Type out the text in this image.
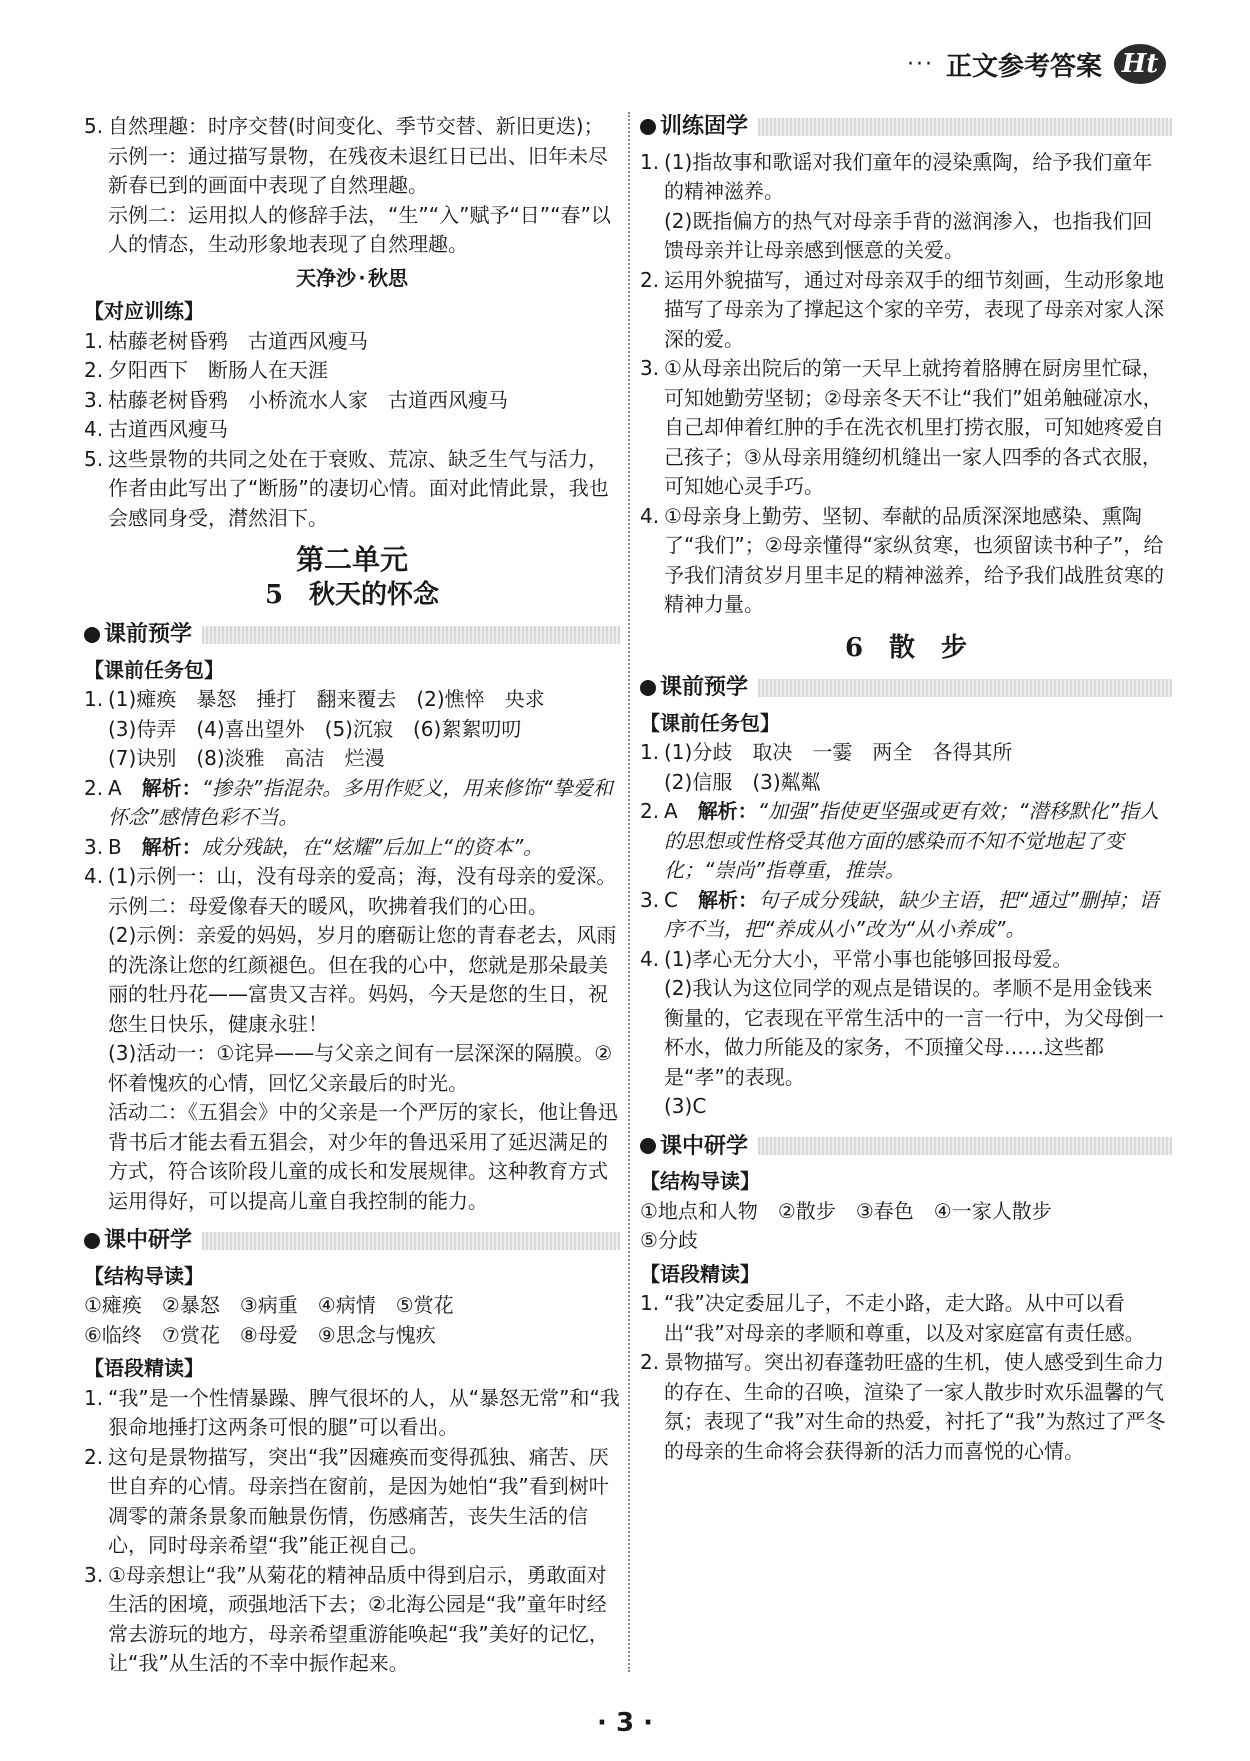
··· 正文参考答案 Ht
5. 自然理趣：时序交替(时间变化、季节交替、新旧更迭)；
示例一：通过描写景物，在残夜未退红日已出、旧年未尽新春已到的画面中表现了自然理趣。
示例二：运用拟人的修辞手法，“生”“入”赋予“日”“春”以人的情态，生动形象地表现了自然理趣。
天净沙·秋思
【对应训练】
1. 枯藤老树昏鸦　古道西风瘦马
2. 夕阳西下　断肠人在天涯
3. 枯藤老树昏鸦　小桥流水人家　古道西风瘦马
4. 古道西风瘦马
5. 这些景物的共同之处在于衰败、荒凉、缺乏生气与活力，作者由此写出了“断肠”的凄切心情。面对此情此景，我也会感同身受，潸然泪下。
第二单元
5　秋天的怀念
课前预学
【课前任务包】
1. (1)瘫痪　暴怒　捶打　翻来覆去　(2)憔悴　央求
(3)侍弄　(4)喜出望外　(5)沉寂　(6)絮絮叨叨
(7)诀别　(8)淡雅　高洁　烂漫
2. A　 解析：“掺杂”指混杂。多用作贬义，用来修饰“挚爱和怀念”感情色彩不当。
3. B　 解析：成分残缺，在“炫耀”后加上“的资本”。
4. (1)示例一：山，没有母亲的爱高；海，没有母亲的爱深。
示例二：母爱像春天的暖风，吹拂着我们的心田。
(2)示例：亲爱的妈妈，岁月的磨砺让您的青春老去，风雨的洗涤让您的红颜褪色。但在我的心中，您就是那朵最美丽的牡丹花——富贵又吉祥。妈妈，今天是您的生日，祝您生日快乐，健康永驻！
(3)活动一：①诧异——与父亲之间有一层深深的隔膜。②怀着愧疚的心情，回忆父亲最后的时光。
活动二：《五猖会》中的父亲是一个严厉的家长，他让鲁迅背书后才能去看五猖会，对少年的鲁迅采用了延迟满足的方式，符合该阶段儿童的成长和发展规律。这种教育方式运用得好，可以提高儿童自我控制的能力。
课中研学
【结构导读】
①瘫痪　②暴怒　③病重　④病情　⑤赏花
⑥临终　⑦赏花　⑧母爱　⑨思念与愧疚
【语段精读】
1. “我”是一个性情暴躁、脾气很坏的人，从“暴怒无常”和“我狠命地捶打这两条可恨的腿”可以看出。
2. 这句是景物描写，突出“我”因瘫痪而变得孤独、痛苦、厌世自弃的心情。母亲挡在窗前，是因为她怕“我”看到树叶凋零的萧条景象而触景伤情，伤感痛苦，丧失生活的信心，同时母亲希望“我”能正视自己。
3. ①母亲想让“我”从菊花的精神品质中得到启示，勇敢面对生活的困境，顽强地活下去；②北海公园是“我”童年时经常去游玩的地方，母亲希望重游能唤起“我”美好的记忆，让“我”从生活的不幸中振作起来。
训练固学
1. (1)指故事和歌谣对我们童年的浸染熏陶，给予我们童年的精神滋养。
(2)既指偏方的热气对母亲手背的滋润渗入，也指我们回馈母亲并让母亲感到惬意的关爱。
2. 运用外貌描写，通过对母亲双手的细节刻画，生动形象地描写了母亲为了撑起这个家的辛劳，表现了母亲对家人深深的爱。
3. ①从母亲出院后的第一天早上就挎着胳膊在厨房里忙碌，可知她勤劳坚韧；②母亲冬天不让“我们”姐弟触碰凉水，自己却伸着红肿的手在洗衣机里打捞衣服，可知她疼爱自己孩子；③从母亲用缝纫机缝出一家人四季的各式衣服，可知她心灵手巧。
4. ①母亲身上勤劳、坚韧、奉献的品质深深地感染、熏陶了“我们”；②母亲懂得“家纵贫寒，也须留读书种子”，给予我们清贫岁月里丰足的精神滋养，给予我们战胜贫寒的精神力量。
6　散　步
课前预学
【课前任务包】
1. (1)分歧　取决　一霎　两全　各得其所
(2)信服　(3)粼粼
2. A　 解析：“加强”指使更坚强或更有效；“潜移默化”指人的思想或性格受其他方面的感染而不知不觉地起了变化；“崇尚”指尊重，推崇。
3. C　 解析：句子成分残缺，缺少主语，把“通过”删掉；语序不当，把“养成从小”改为“从小养成”。
4. (1)孝心无分大小，平常小事也能够回报母爱。
(2)我认为这位同学的观点是错误的。孝顺不是用金钱来衡量的，它表现在平常生活中的一言一行中，为父母倒一杯水，做力所能及的家务，不顶撞父母……这些都是“孝”的表现。
(3)C
课中研学
【结构导读】
①地点和人物　②散步　③春色　④一家人散步
⑤分歧
【语段精读】
1. “我”决定委屈儿子，不走小路，走大路。从中可以看出“我”对母亲的孝顺和尊重，以及对家庭富有责任感。
2. 景物描写。突出初春蓬勃旺盛的生机，使人感受到生命力的存在、生命的召唤，渲染了一家人散步时欢乐温馨的气氛；表现了“我”对生命的热爱，衬托了“我”为熬过了严冬的母亲的生命将会获得新的活力而喜悦的心情。
· 3 ·
